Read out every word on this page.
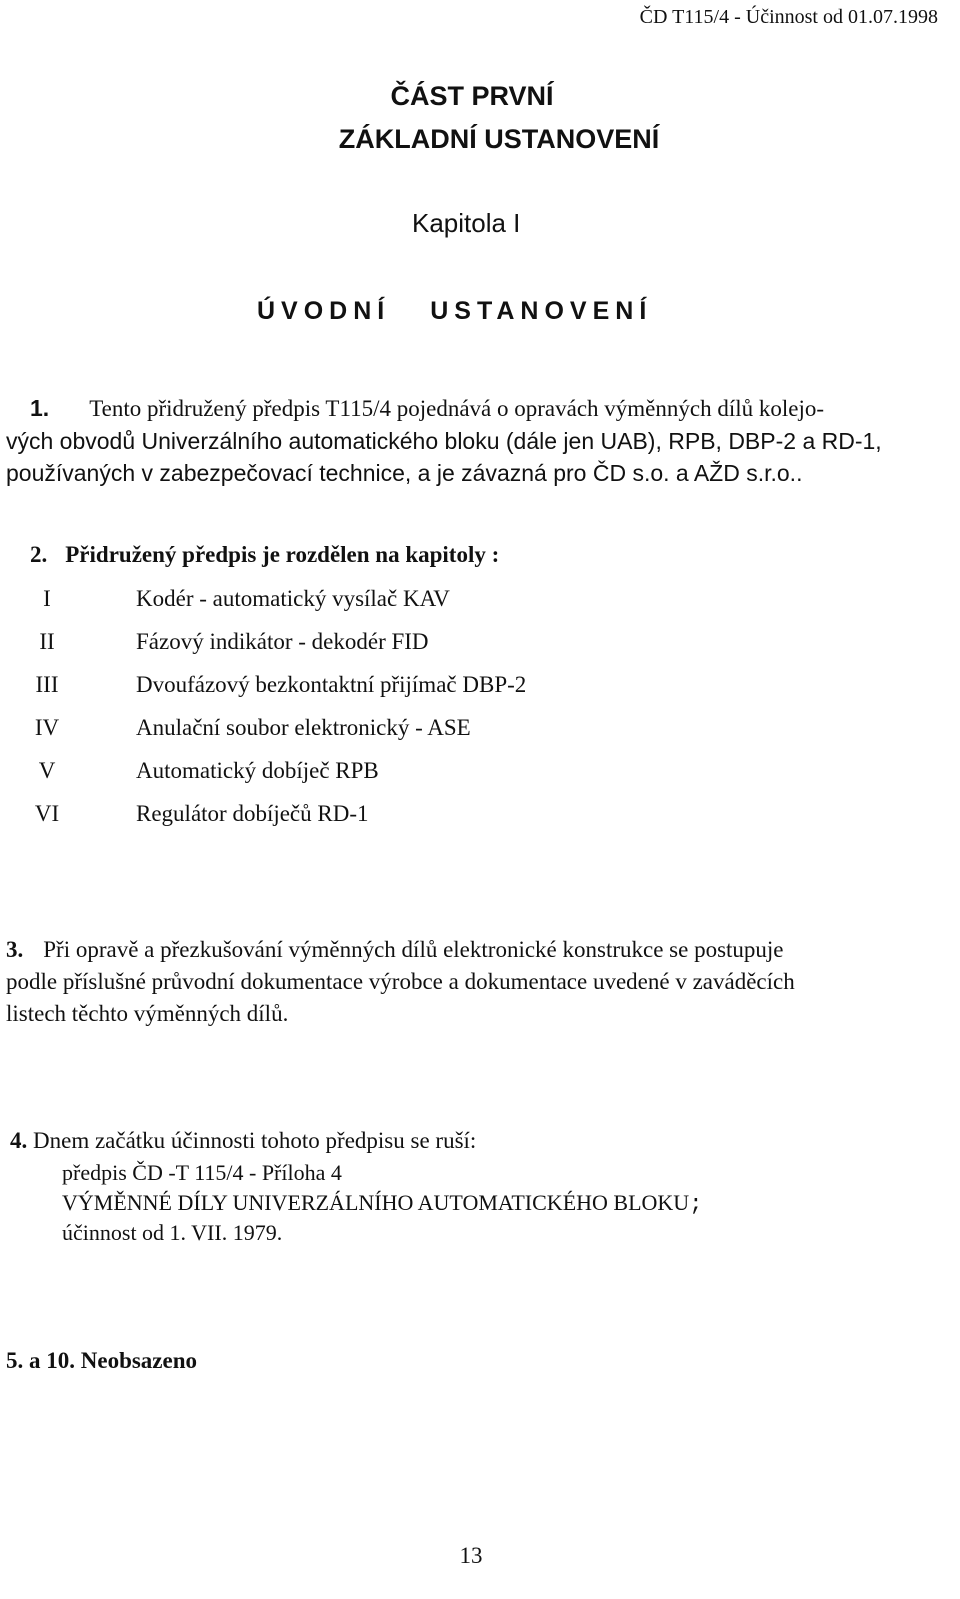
ČD T115/4 - Účinnost od 01.07.1998
ČÁST PRVNÍ
ZÁKLADNÍ USTANOVENÍ
Kapitola I
ÚVODNÍ USTANOVENÍ

1. Tento přidružený předpis T115/4 pojednává o opravách výměnných dílů kolejo-

vých obvodů Univerzálního automatického bloku (dále jen UAB), RPB, DBP-2 a RD-1,

používaných v zabezpečovací technice, a je závazná pro ČD s.o. a AŽD s.r.o..

2. Přidružený předpis je rozdělen na kapitoly :
I	Kodér - automatický vysílač KAV
II	Fázový indikátor - dekodér FID
III	Dvoufázový bezkontaktní přijímač DBP-2
IV	Anulační soubor elektronický - ASE
V	Automatický dobíječ RPB
VI	Regulátor dobíječů RD-1

3. Při opravě a přezkušování výměnných dílů elektronické konstrukce se postupuje

podle příslušné průvodní dokumentace výrobce a dokumentace uvedené v zaváděcích

listech těchto výměnných dílů.

4. Dnem začátku účinnosti tohoto předpisu se ruší:
předpis ČD -T 115/4 - Příloha 4
VÝMĚNNÉ DÍLY UNIVERZÁLNÍHO AUTOMATICKÉHO BLOKU;
účinnost od 1. VII. 1979.
5. a 10. Neobsazeno
13
